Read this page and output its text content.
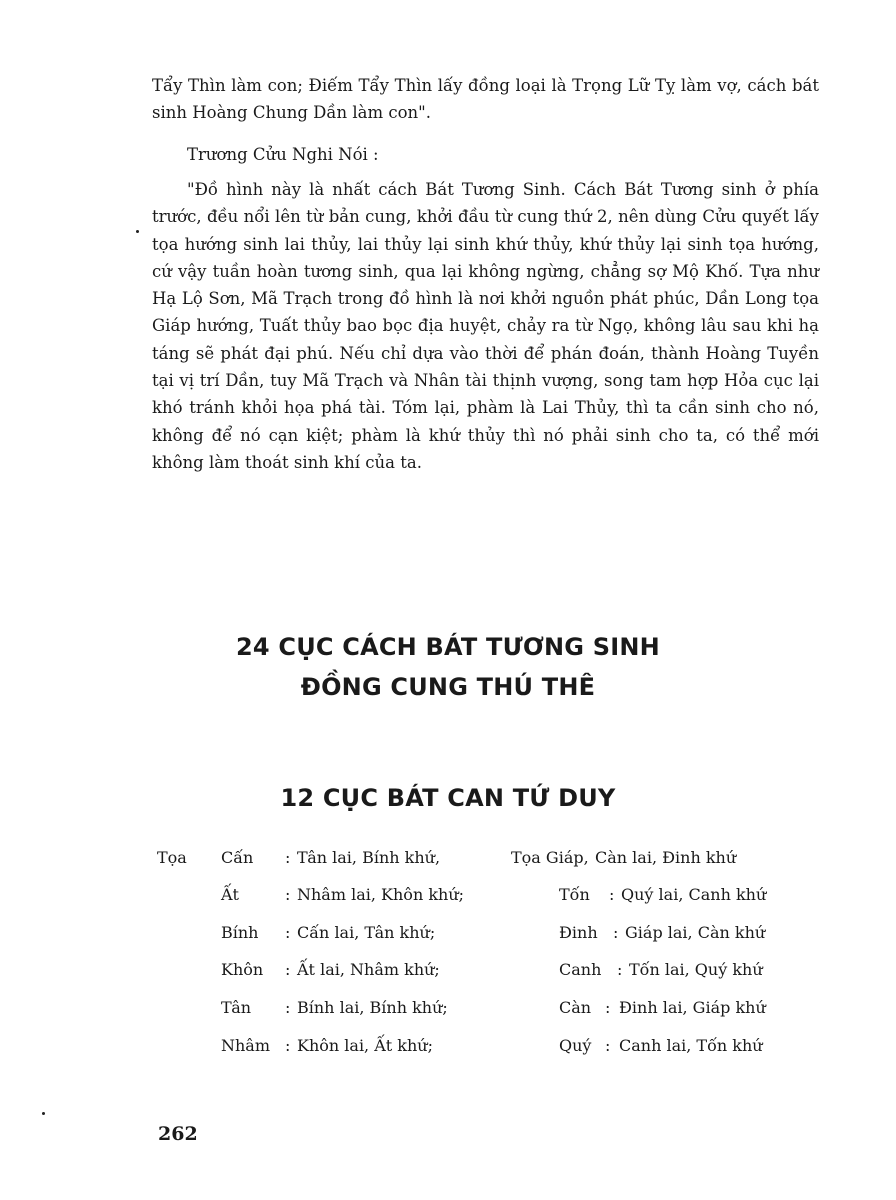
Tẩy Thìn làm con; Điếm Tẩy Thìn lấy đồng loại là Trọng Lữ Tỵ làm vợ, cách bát sinh Hoàng Chung Dần làm con".

Trương Cửu Nghi Nói :

"Đồ hình này là nhất cách Bát Tương Sinh. Cách Bát Tương sinh ở phía trước, đều nổi lên từ bản cung, khởi đầu từ cung thứ 2, nên dùng Cửu quyết lấy tọa hướng sinh lai thủy, lai thủy lại sinh khứ thủy, khứ thủy lại sinh tọa hướng, cứ vậy tuần hoàn tương sinh, qua lại không ngừng, chẳng sợ Mộ Khố. Tựa như Hạ Lộ Sơn, Mã Trạch trong đồ hình là nơi khởi nguồn phát phúc, Dần Long tọa Giáp hướng, Tuất thủy bao bọc địa huyệt, chảy ra từ Ngọ, không lâu sau khi hạ táng sẽ phát đại phú. Nếu chỉ dựa vào thời để phán đoán, thành Hoàng Tuyền tại vị trí Dần, tuy Mã Trạch và Nhân tài thịnh vượng, song tam hợp Hỏa cục lại khó tránh khỏi họa phá tài. Tóm lại, phàm là Lai Thủy, thì ta cần sinh cho nó, không để nó cạn kiệt; phàm là khứ thủy thì nó phải sinh cho ta, có thể mới không làm thoát sinh khí của ta.

24 CỤC CÁCH BÁT TƯƠNG SINH
ĐỒNG CUNG THÚ THÊ
12 CỤC BÁT CAN TỨ DUY
Tọa Cấn : Tân lai, Bính khứ,	Tọa Giáp, Càn lai, Đinh khứ
Ất	: Nhâm lai, Khôn khứ;	Tốn : Quý lai, Canh khứ
Bính : Cấn lai, Tân khứ;	Đinh : Giáp lai, Càn khứ
Khôn : Ất lai, Nhâm khứ;	Canh : Tốn lai, Quý khứ
Tân : Bính lai, Bính khứ;	Càn : Đinh lai, Giáp khứ
Nhâm : Khôn lai, Ất khứ;	Quý : Canh lai, Tốn khứ
262
